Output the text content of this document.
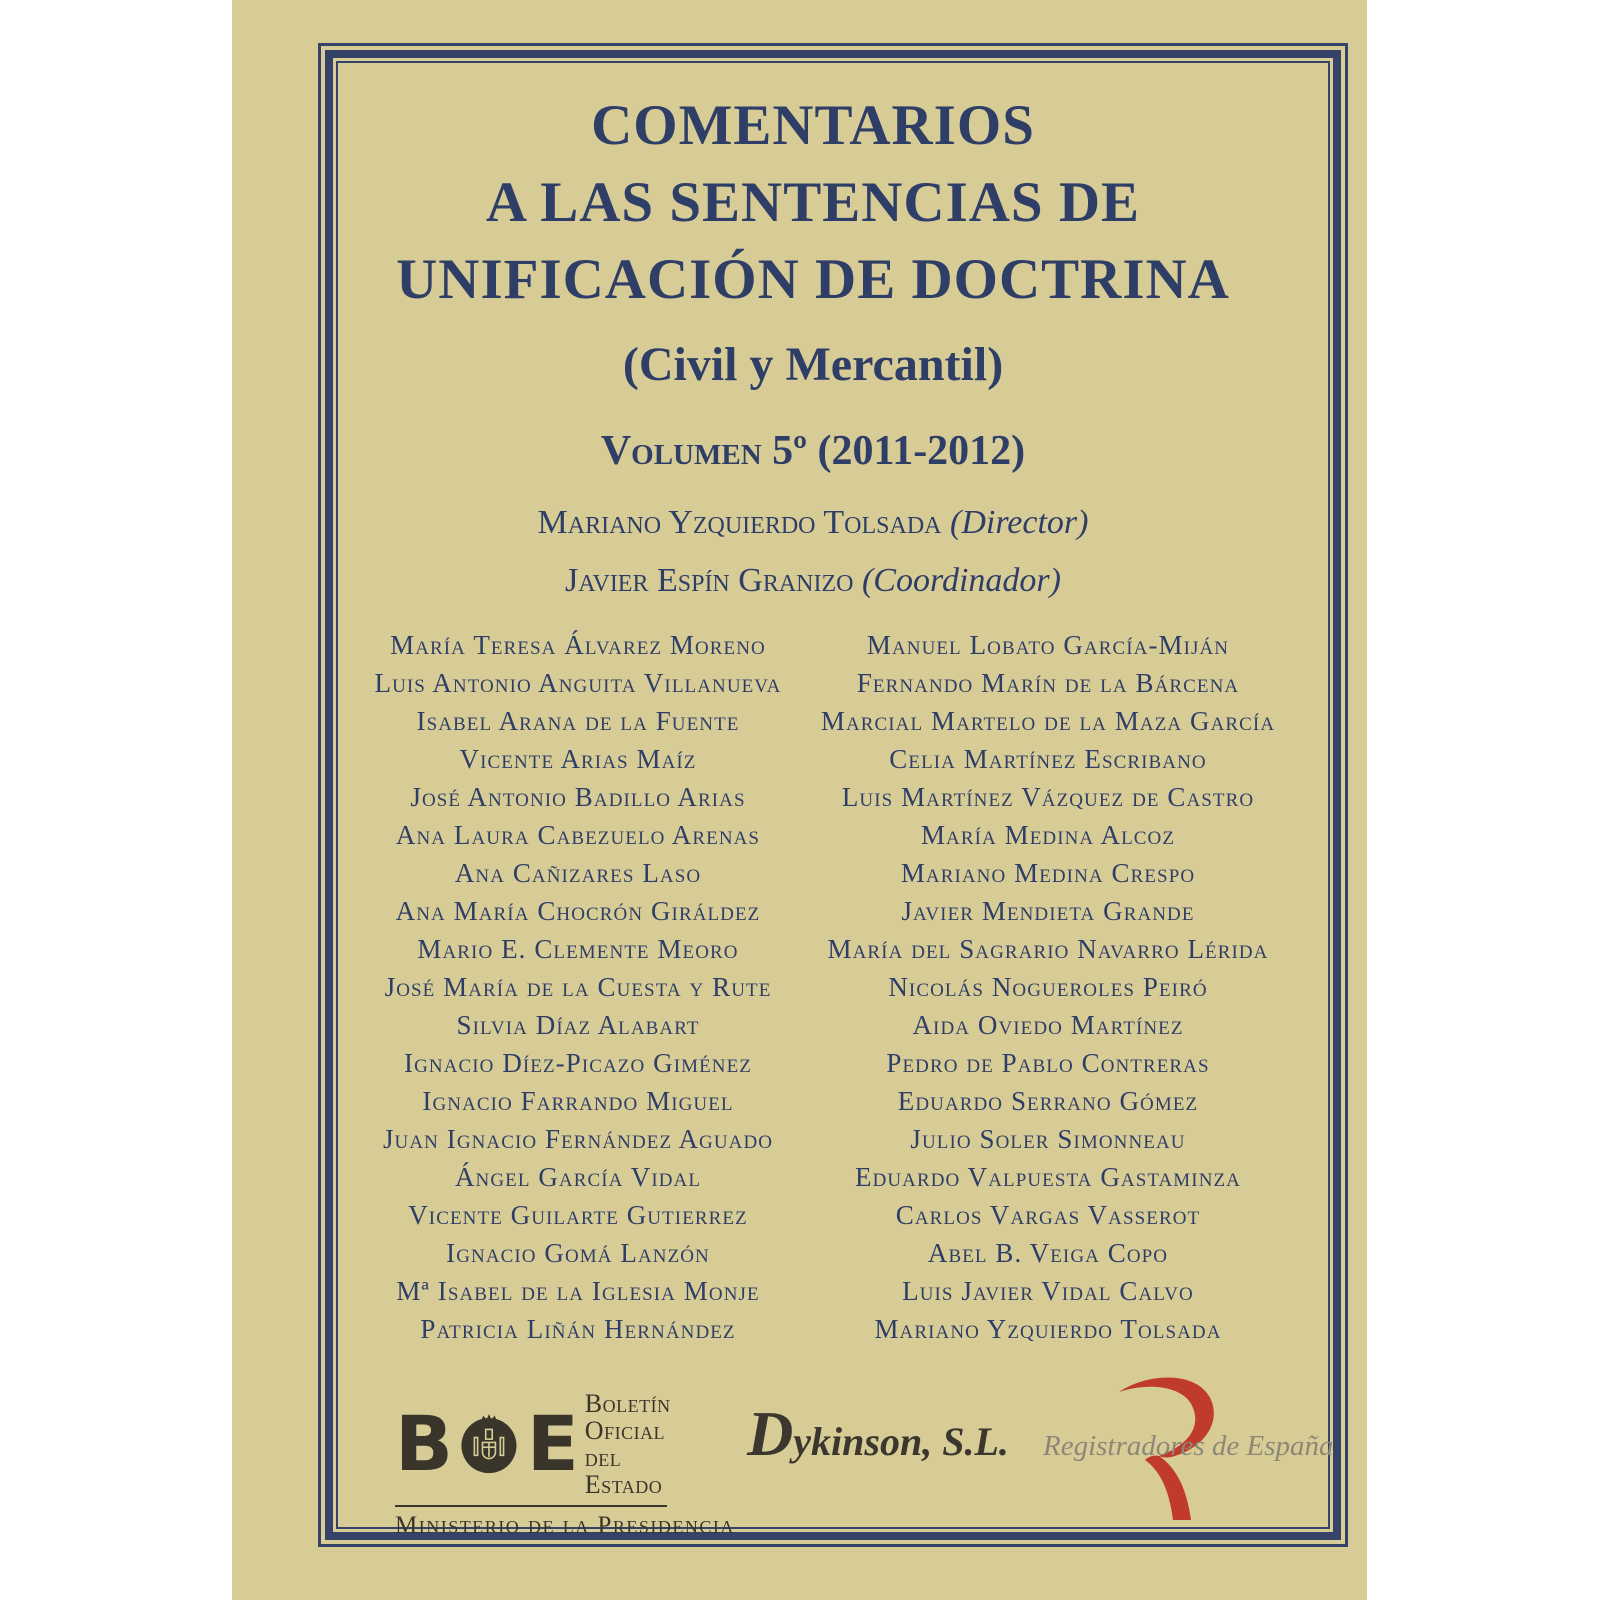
COMENTARIOS
A LAS SENTENCIAS DE
UNIFICACIÓN DE DOCTRINA
(Civil y Mercantil)
Volumen 5º (2011-2012)
Mariano Yzquierdo Tolsada (Director)
Javier Espín Granizo (Coordinador)
María Teresa Álvarez Moreno
Luis Antonio Anguita Villanueva
Isabel Arana de la Fuente
Vicente Arias Maíz
José Antonio Badillo Arias
Ana Laura Cabezuelo Arenas
Ana Cañizares Laso
Ana María Chocrón Giráldez
Mario E. Clemente Meoro
José María de la Cuesta y Rute
Silvia Díaz Alabart
Ignacio Díez-Picazo Giménez
Ignacio Farrando Miguel
Juan Ignacio Fernández Aguado
Ángel García Vidal
Vicente Guilarte Gutierrez
Ignacio Gomá Lanzón
Mª Isabel de la Iglesia Monje
Patricia Liñán Hernández
Manuel Lobato García-Miján
Fernando Marín de la Bárcena
Marcial Martelo de la Maza García
Celia Martínez Escribano
Luis Martínez Vázquez de Castro
María Medina Alcoz
Mariano Medina Crespo
Javier Mendieta Grande
María del Sagrario Navarro Lérida
Nicolás Nogueroles Peiró
Aida Oviedo Martínez
Pedro de Pablo Contreras
Eduardo Serrano Gómez
Julio Soler Simonneau
Eduardo Valpuesta Gastaminza
Carlos Vargas Vasserot
Abel B. Veiga Copo
Luis Javier Vidal Calvo
Mariano Yzquierdo Tolsada
B E Boletín
Oficial del
Estado
Ministerio de la Presidencia
Dykinson, S.L. Registradores de España
